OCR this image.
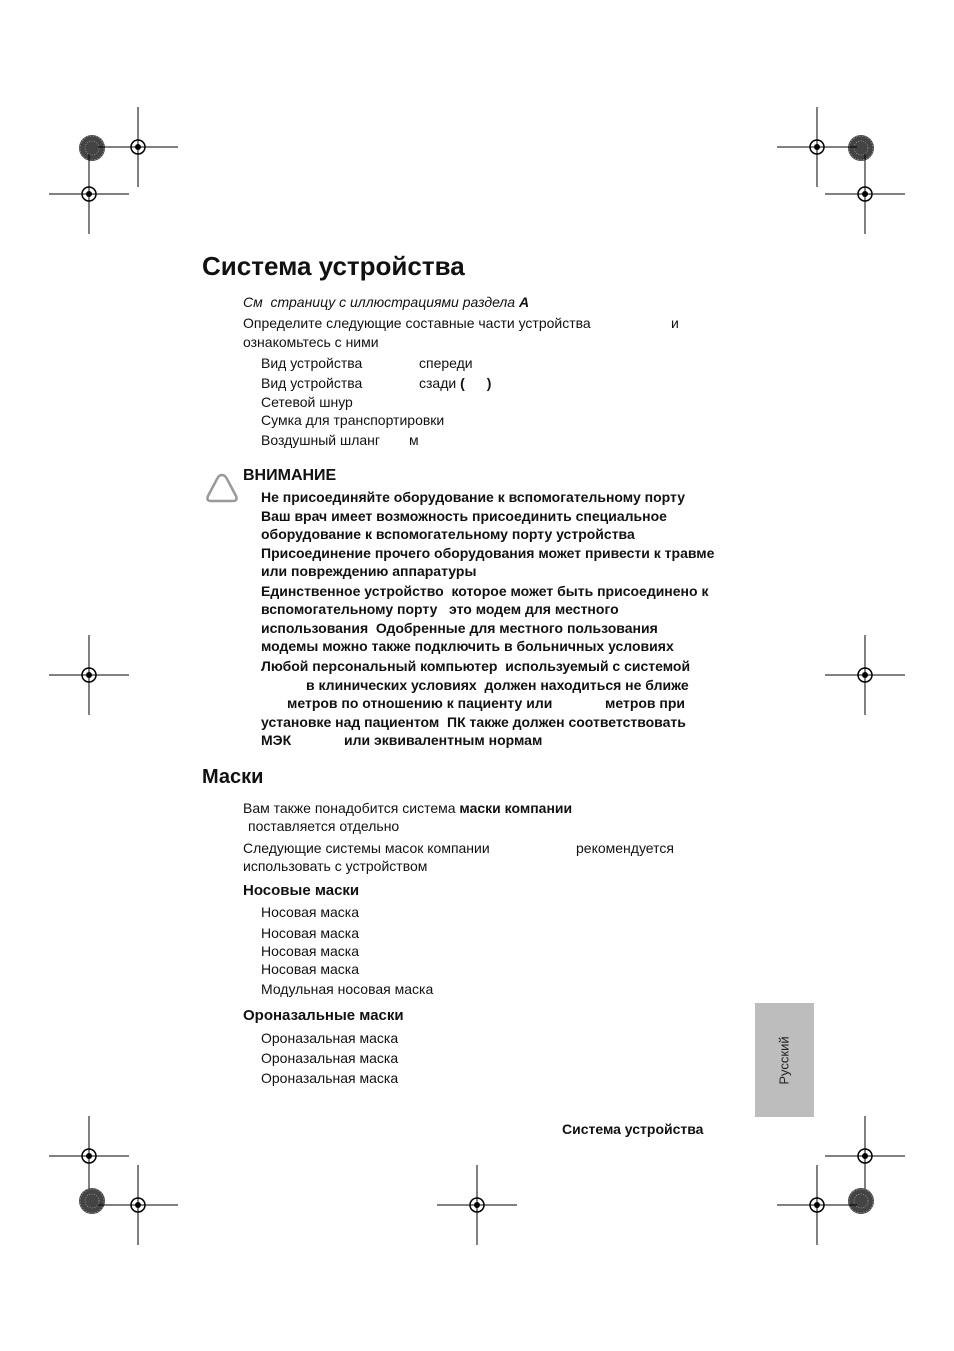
Система устройства
См страницу с иллюстрациями раздела A
Определите следующие составные части устройства	и
ознакомьтесь с ними
Вид устройства	спереди
Вид устройства	сзади ( )
Сетевой шнур
Сумка для транспортировки
Воздушный шланг м
ВНИМАНИЕ
Не присоединяйте оборудование к вспомогательному порту
Ваш врач имеет возможность присоединить специальное
оборудование к вспомогательному порту устройства
Присоединение прочего оборудования может привести к травме
или повреждению аппаратуры
Единственное устройство  которое может быть присоединено к
вспомогательному порту   это модем для местного
использования  Одобренные для местного пользования
модемы можно также подключить в больничных условиях
Любой персональный компьютер  используемый с системой
в клинических условиях  должен находиться не ближе
метров по отношению к пациенту или	метров при
установке над пациентом  ПК также должен соответствовать
МЭК	или эквивалентным нормам
Маски
Вам также понадобится система маски компании
поставляется отдельно
Следующие системы масок компании	рекомендуется
использовать с устройством
Носовые маски
Носовая маска
Носовая маска
Носовая маска
Носовая маска
Модульная носовая маска
Ороназальные маски
Ороназальная маска
Ороназальная маска
Ороназальная маска	Русский
Система устройства
